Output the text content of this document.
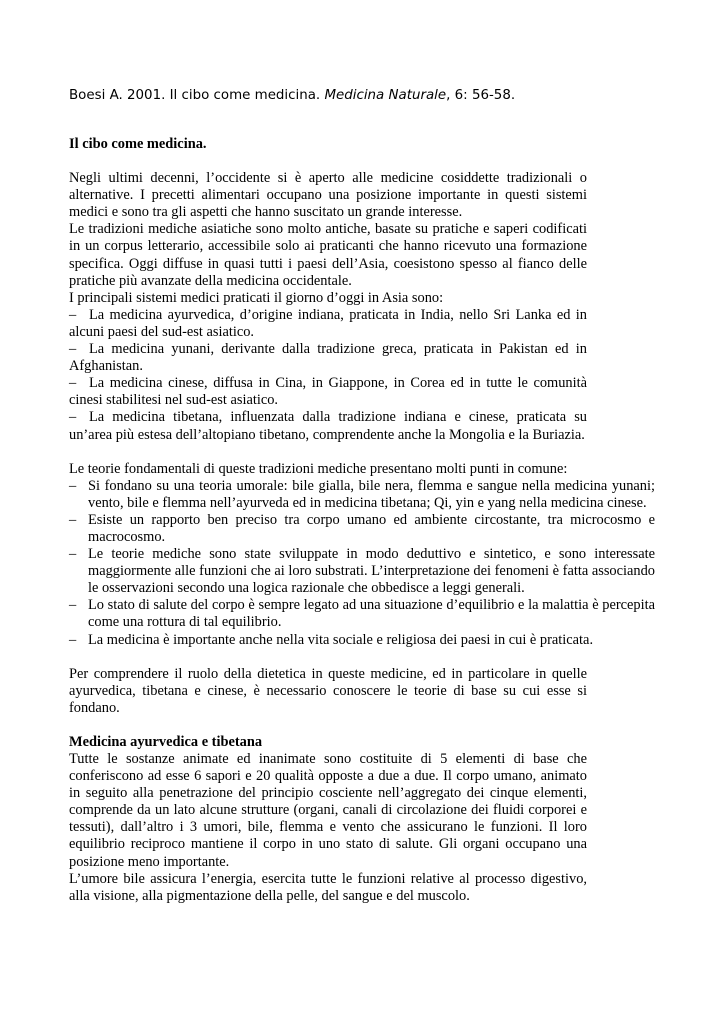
Boesi A. 2001. Il cibo come medicina. Medicina Naturale, 6: 56-58.

Il cibo come medicina.

Negli ultimi decenni, l’occidente si è aperto alle medicine cosiddette tradizionali o alternative. I precetti alimentari occupano una posizione importante in questi sistemi medici e sono tra gli aspetti che hanno suscitato un grande interesse.

Le tradizioni mediche asiatiche sono molto antiche, basate su pratiche e saperi codificati in un corpus letterario, accessibile solo ai praticanti che hanno ricevuto una formazione specifica. Oggi diffuse in quasi tutti i paesi dell’Asia, coesistono spesso al fianco delle pratiche più avanzate della medicina occidentale.

I principali sistemi medici praticati il giorno d’oggi in Asia sono:

– La medicina ayurvedica, d’origine indiana, praticata in India, nello Sri Lanka ed in alcuni paesi del sud-est asiatico.

– La medicina yunani, derivante dalla tradizione greca, praticata in Pakistan ed in Afghanistan.

– La medicina cinese, diffusa in Cina, in Giappone, in Corea ed in tutte le comunità cinesi stabilitesi nel sud-est asiatico.

– La medicina tibetana, influenzata dalla tradizione indiana e cinese, praticata su un’area più estesa dell’altopiano tibetano, comprendente anche la Mongolia e la Buriazia.

Le teorie fondamentali di queste tradizioni mediche presentano molti punti in comune:

– Si fondano su una teoria umorale: bile gialla, bile nera, flemma e sangue nella medicina yunani; vento, bile e flemma nell’ayurveda ed in medicina tibetana; Qi, yin e yang nella medicina cinese.

– Esiste un rapporto ben preciso tra corpo umano ed ambiente circostante, tra microcosmo e macrocosmo.

– Le teorie mediche sono state sviluppate in modo deduttivo e sintetico, e sono interessate maggiormente alle funzioni che ai loro substrati. L’interpretazione dei fenomeni è fatta associando le osservazioni secondo una logica razionale che obbedisce a leggi generali.

– Lo stato di salute del corpo è sempre legato ad una situazione d’equilibrio e la malattia è percepita come una rottura di tal equilibrio.

– La medicina è importante anche nella vita sociale e religiosa dei paesi in cui è praticata.

Per comprendere il ruolo della dietetica in queste medicine, ed in particolare in quelle ayurvedica, tibetana e cinese, è necessario conoscere le teorie di base su cui esse si fondano.

Medicina ayurvedica e tibetana

Tutte le sostanze animate ed inanimate sono costituite di 5 elementi di base che conferiscono ad esse 6 sapori e 20 qualità opposte a due a due. Il corpo umano, animato in seguito alla penetrazione del principio cosciente nell’aggregato dei cinque elementi, comprende da un lato alcune strutture (organi, canali di circolazione dei fluidi corporei e tessuti), dall’altro i 3 umori, bile, flemma e vento che assicurano le funzioni. Il loro equilibrio reciproco mantiene il corpo in uno stato di salute. Gli organi occupano una posizione meno importante.

L’umore bile assicura l’energia, esercita tutte le funzioni relative al processo digestivo, alla visione, alla pigmentazione della pelle, del sangue e del muscolo.
